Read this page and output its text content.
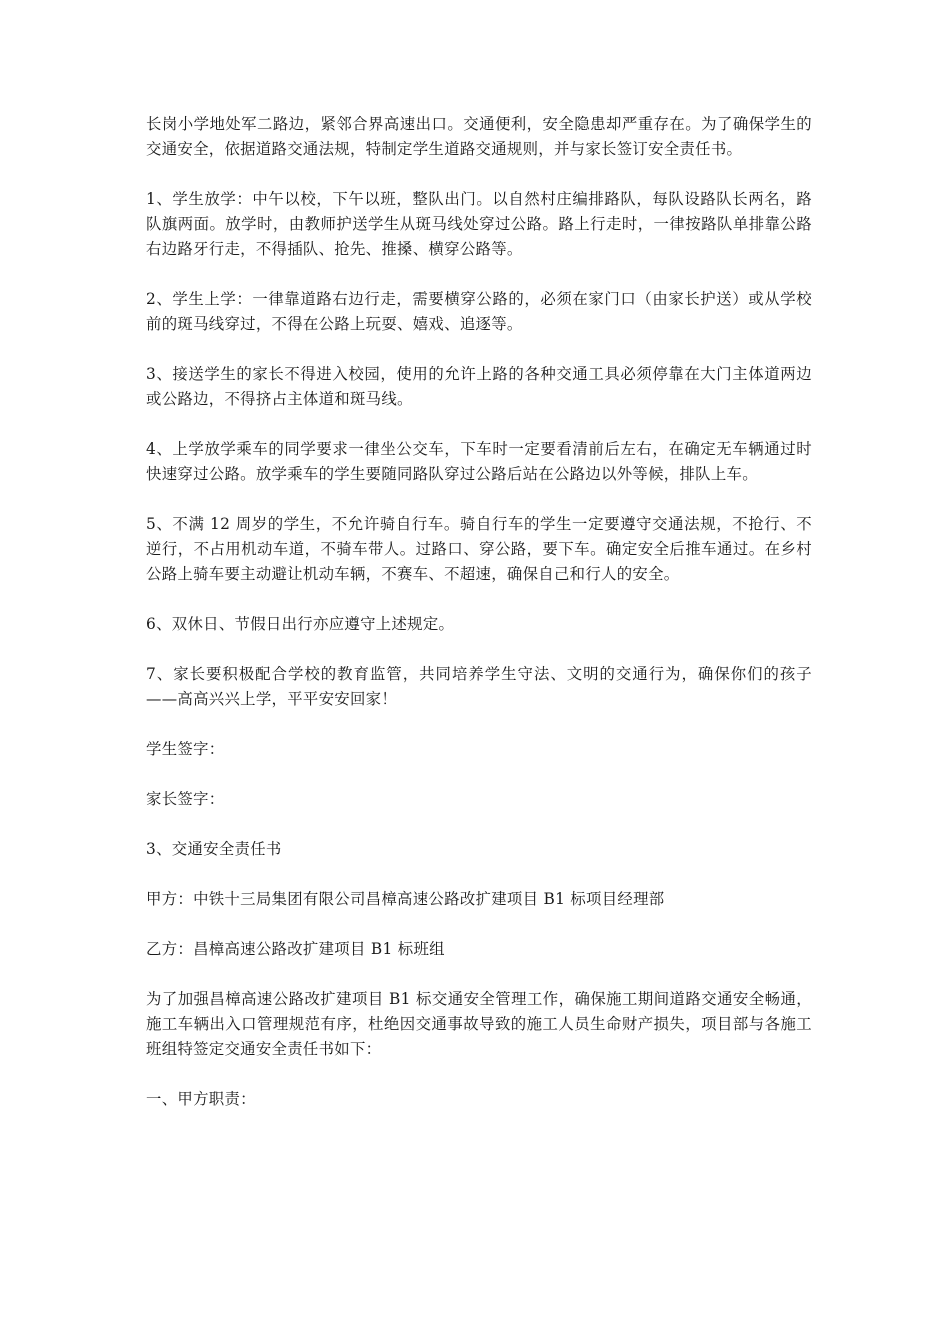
长岗小学地处军二路边，紧邻合界高速出口。交通便利，安全隐患却严重存在。为了确保学生的交通安全，依据道路交通法规，特制定学生道路交通规则，并与家长签订安全责任书。

1、学生放学：中午以校，下午以班，整队出门。以自然村庄编排路队，每队设路队长两名，路队旗两面。放学时，由教师护送学生从斑马线处穿过公路。路上行走时，一律按路队单排靠公路右边路牙行走，不得插队、抢先、推搡、横穿公路等。

2、学生上学：一律靠道路右边行走，需要横穿公路的，必须在家门口（由家长护送）或从学校前的斑马线穿过，不得在公路上玩耍、嬉戏、追逐等。

3、接送学生的家长不得进入校园，使用的允许上路的各种交通工具必须停靠在大门主体道两边或公路边，不得挤占主体道和斑马线。

4、上学放学乘车的同学要求一律坐公交车，下车时一定要看清前后左右，在确定无车辆通过时快速穿过公路。放学乘车的学生要随同路队穿过公路后站在公路边以外等候，排队上车。

5、不满 12 周岁的学生，不允许骑自行车。骑自行车的学生一定要遵守交通法规，不抢行、不逆行，不占用机动车道，不骑车带人。过路口、穿公路，要下车。确定安全后推车通过。在乡村公路上骑车要主动避让机动车辆，不赛车、不超速，确保自己和行人的安全。

6、双休日、节假日出行亦应遵守上述规定。

7、家长要积极配合学校的教育监管，共同培养学生守法、文明的交通行为，确保你们的孩子——高高兴兴上学，平平安安回家！

学生签字：

家长签字：

3、交通安全责任书

甲方：中铁十三局集团有限公司昌樟高速公路改扩建项目 B1 标项目经理部

乙方：昌樟高速公路改扩建项目 B1 标班组

为了加强昌樟高速公路改扩建项目 B1 标交通安全管理工作，确保施工期间道路交通安全畅通，施工车辆出入口管理规范有序，杜绝因交通事故导致的施工人员生命财产损失，项目部与各施工班组特签定交通安全责任书如下：

一、甲方职责：
